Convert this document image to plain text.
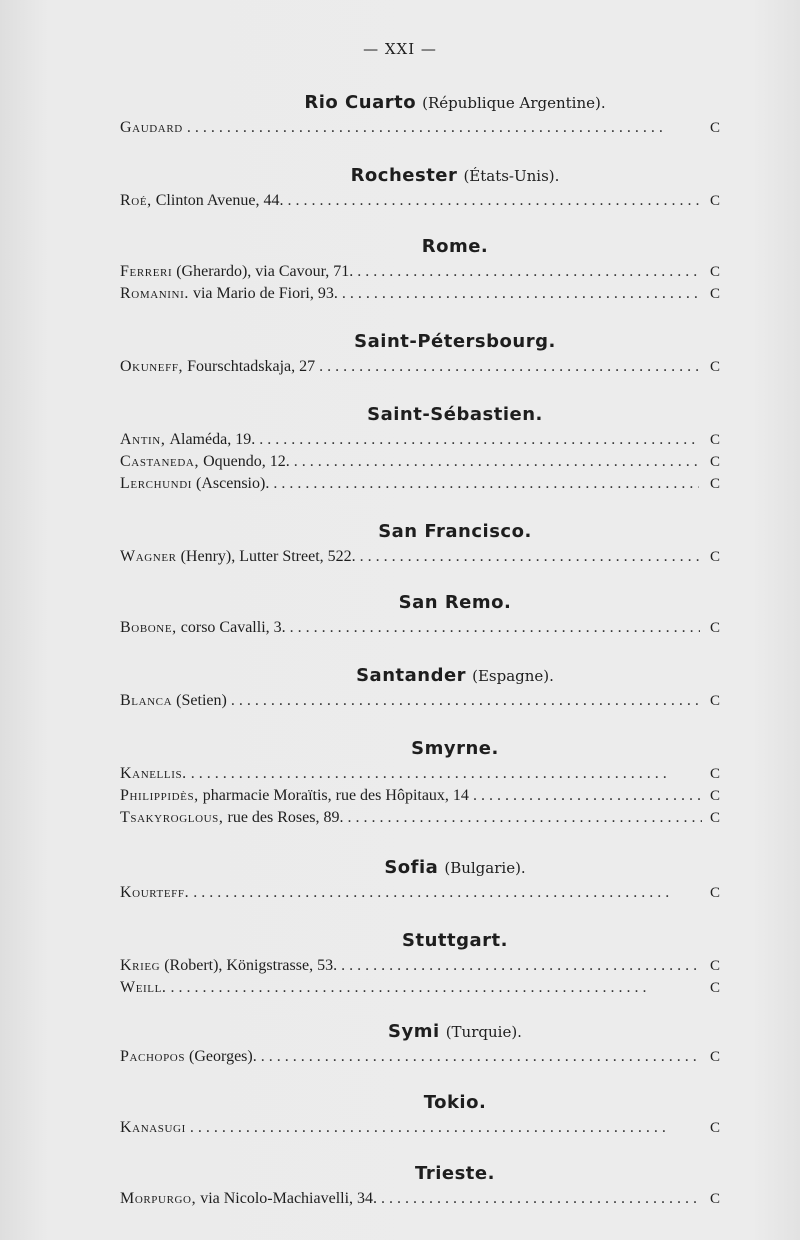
— XXI —
Rio Cuarto (République Argentine).
Gaudard . . .	C
Rochester (États-Unis).
Roé, Clinton Avenue, 44. . . .	C
Rome.
Ferreri (Gherardo), via Cavour, 71. . . .	C
Romanini. via Mario de Fiori, 93. . . .	C
Saint-Pétersbourg.
Okuneff, Fourschtadskaja, 27 . . .	C
Saint-Sébastien.
Antin, Alaméda, 19. . . .	C
Castaneda, Oquendo, 12. . . .	C
Lerchundi (Ascensio). . . .	C
San Francisco.
Wagner (Henry), Lutter Street, 522. . . .	C
San Remo.
Bobone, corso Cavalli, 3. . . .	C
Santander (Espagne).
Blanca (Setien) . . .	C
Smyrne.
Kanellis. . . .	C
Philippidès, pharmacie Moraïtis, rue des Hôpitaux, 14 . . .	C
Tsakyroglous, rue des Roses, 89. . . .	C
Sofia (Bulgarie).
Kourteff. . . .	C
Stuttgart.
Krieg (Robert), Königstrasse, 53. . . .	C
Weill. . . .	C
Symi (Turquie).
Pachopos (Georges). . . .	C
Tokio.
Kanasugi . . .	C
Trieste.
Morpurgo, via Nicolo-Machiavelli, 34. . . .	C
